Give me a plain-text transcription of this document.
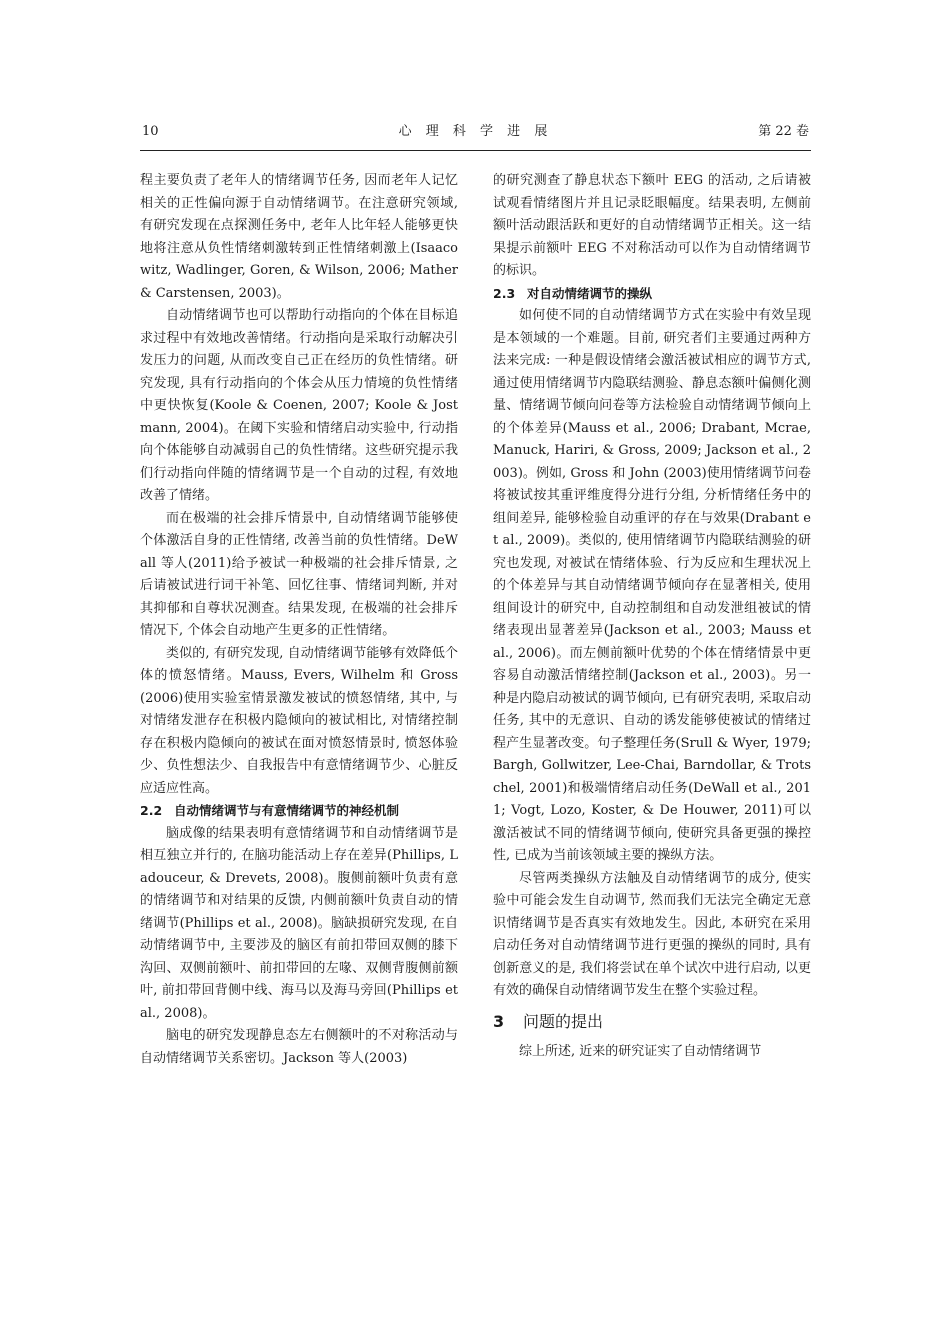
10	心 理 科 学 进 展	第 22 卷

程主要负责了老年人的情绪调节任务, 因而老年人记忆相关的正性偏向源于自动情绪调节。在注意研究领域, 有研究发现在点探测任务中, 老年人比年轻人能够更快地将注意从负性情绪刺激转到正性情绪刺激上(Isaacowitz, Wadlinger, Goren, & Wilson, 2006; Mather & Carstensen, 2003)。

自动情绪调节也可以帮助行动指向的个体在目标追求过程中有效地改善情绪。行动指向是采取行动解决引发压力的问题, 从而改变自己正在经历的负性情绪。研究发现, 具有行动指向的个体会从压力情境的负性情绪中更快恢复(Koole & Coenen, 2007; Koole & Jostmann, 2004)。在阈下实验和情绪启动实验中, 行动指向个体能够自动减弱自己的负性情绪。这些研究提示我们行动指向伴随的情绪调节是一个自动的过程, 有效地改善了情绪。

而在极端的社会排斥情景中, 自动情绪调节能够使个体激活自身的正性情绪, 改善当前的负性情绪。DeWall 等人(2011)给予被试一种极端的社会排斥情景, 之后请被试进行词干补笔、回忆往事、情绪词判断, 并对其抑郁和自尊状况测查。结果发现, 在极端的社会排斥情况下, 个体会自动地产生更多的正性情绪。

类似的, 有研究发现, 自动情绪调节能够有效降低个体的愤怒情绪。Mauss, Evers, Wilhelm 和 Gross (2006)使用实验室情景激发被试的愤怒情绪, 其中, 与对情绪发泄存在积极内隐倾向的被试相比, 对情绪控制存在积极内隐倾向的被试在面对愤怒情景时, 愤怒体验少、负性想法少、自我报告中有意情绪调节少、心脏反应适应性高。

2.2 自动情绪调节与有意情绪调节的神经机制

脑成像的结果表明有意情绪调节和自动情绪调节是相互独立并行的, 在脑功能活动上存在差异(Phillips, Ladouceur, & Drevets, 2008)。腹侧前额叶负责有意的情绪调节和对结果的反馈, 内侧前额叶负责自动的情绪调节(Phillips et al., 2008)。脑缺损研究发现, 在自动情绪调节中, 主要涉及的脑区有前扣带回双侧的膝下沟回、双侧前额叶、前扣带回的左喙、双侧背腹侧前额叶, 前扣带回背侧中线、海马以及海马旁回(Phillips et al., 2008)。

脑电的研究发现静息态左右侧额叶的不对称活动与自动情绪调节关系密切。Jackson 等人(2003)

的研究测查了静息状态下额叶 EEG 的活动, 之后请被试观看情绪图片并且记录眨眼幅度。结果表明, 左侧前额叶活动跟活跃和更好的自动情绪调节正相关。这一结果提示前额叶 EEG 不对称活动可以作为自动情绪调节的标识。

2.3 对自动情绪调节的操纵

如何使不同的自动情绪调节方式在实验中有效呈现是本领域的一个难题。目前, 研究者们主要通过两种方法来完成: 一种是假设情绪会激活被试相应的调节方式, 通过使用情绪调节内隐联结测验、静息态额叶偏侧化测量、情绪调节倾向问卷等方法检验自动情绪调节倾向上的个体差异(Mauss et al., 2006; Drabant, Mcrae, Manuck, Hariri, & Gross, 2009; Jackson et al., 2003)。例如, Gross 和 John (2003)使用情绪调节问卷将被试按其重评维度得分进行分组, 分析情绪任务中的组间差异, 能够检验自动重评的存在与效果(Drabant et al., 2009)。类似的, 使用情绪调节内隐联结测验的研究也发现, 对被试在情绪体验、行为反应和生理状况上的个体差异与其自动情绪调节倾向存在显著相关, 使用组间设计的研究中, 自动控制组和自动发泄组被试的情绪表现出显著差异(Jackson et al., 2003; Mauss et al., 2006)。而左侧前额叶优势的个体在情绪情景中更容易自动激活情绪控制(Jackson et al., 2003)。另一种是内隐启动被试的调节倾向, 已有研究表明, 采取启动任务, 其中的无意识、自动的诱发能够使被试的情绪过程产生显著改变。句子整理任务(Srull & Wyer, 1979; Bargh, Gollwitzer, Lee-Chai, Barndollar, & Trotschel, 2001)和极端情绪启动任务(DeWall et al., 2011; Vogt, Lozo, Koster, & De Houwer, 2011)可以激活被试不同的情绪调节倾向, 使研究具备更强的操控性, 已成为当前该领域主要的操纵方法。

尽管两类操纵方法触及自动情绪调节的成分, 使实验中可能会发生自动调节, 然而我们无法完全确定无意识情绪调节是否真实有效地发生。因此, 本研究在采用启动任务对自动情绪调节进行更强的操纵的同时, 具有创新意义的是, 我们将尝试在单个试次中进行启动, 以更有效的确保自动情绪调节发生在整个实验过程。

3 问题的提出

综上所述, 近来的研究证实了自动情绪调节
